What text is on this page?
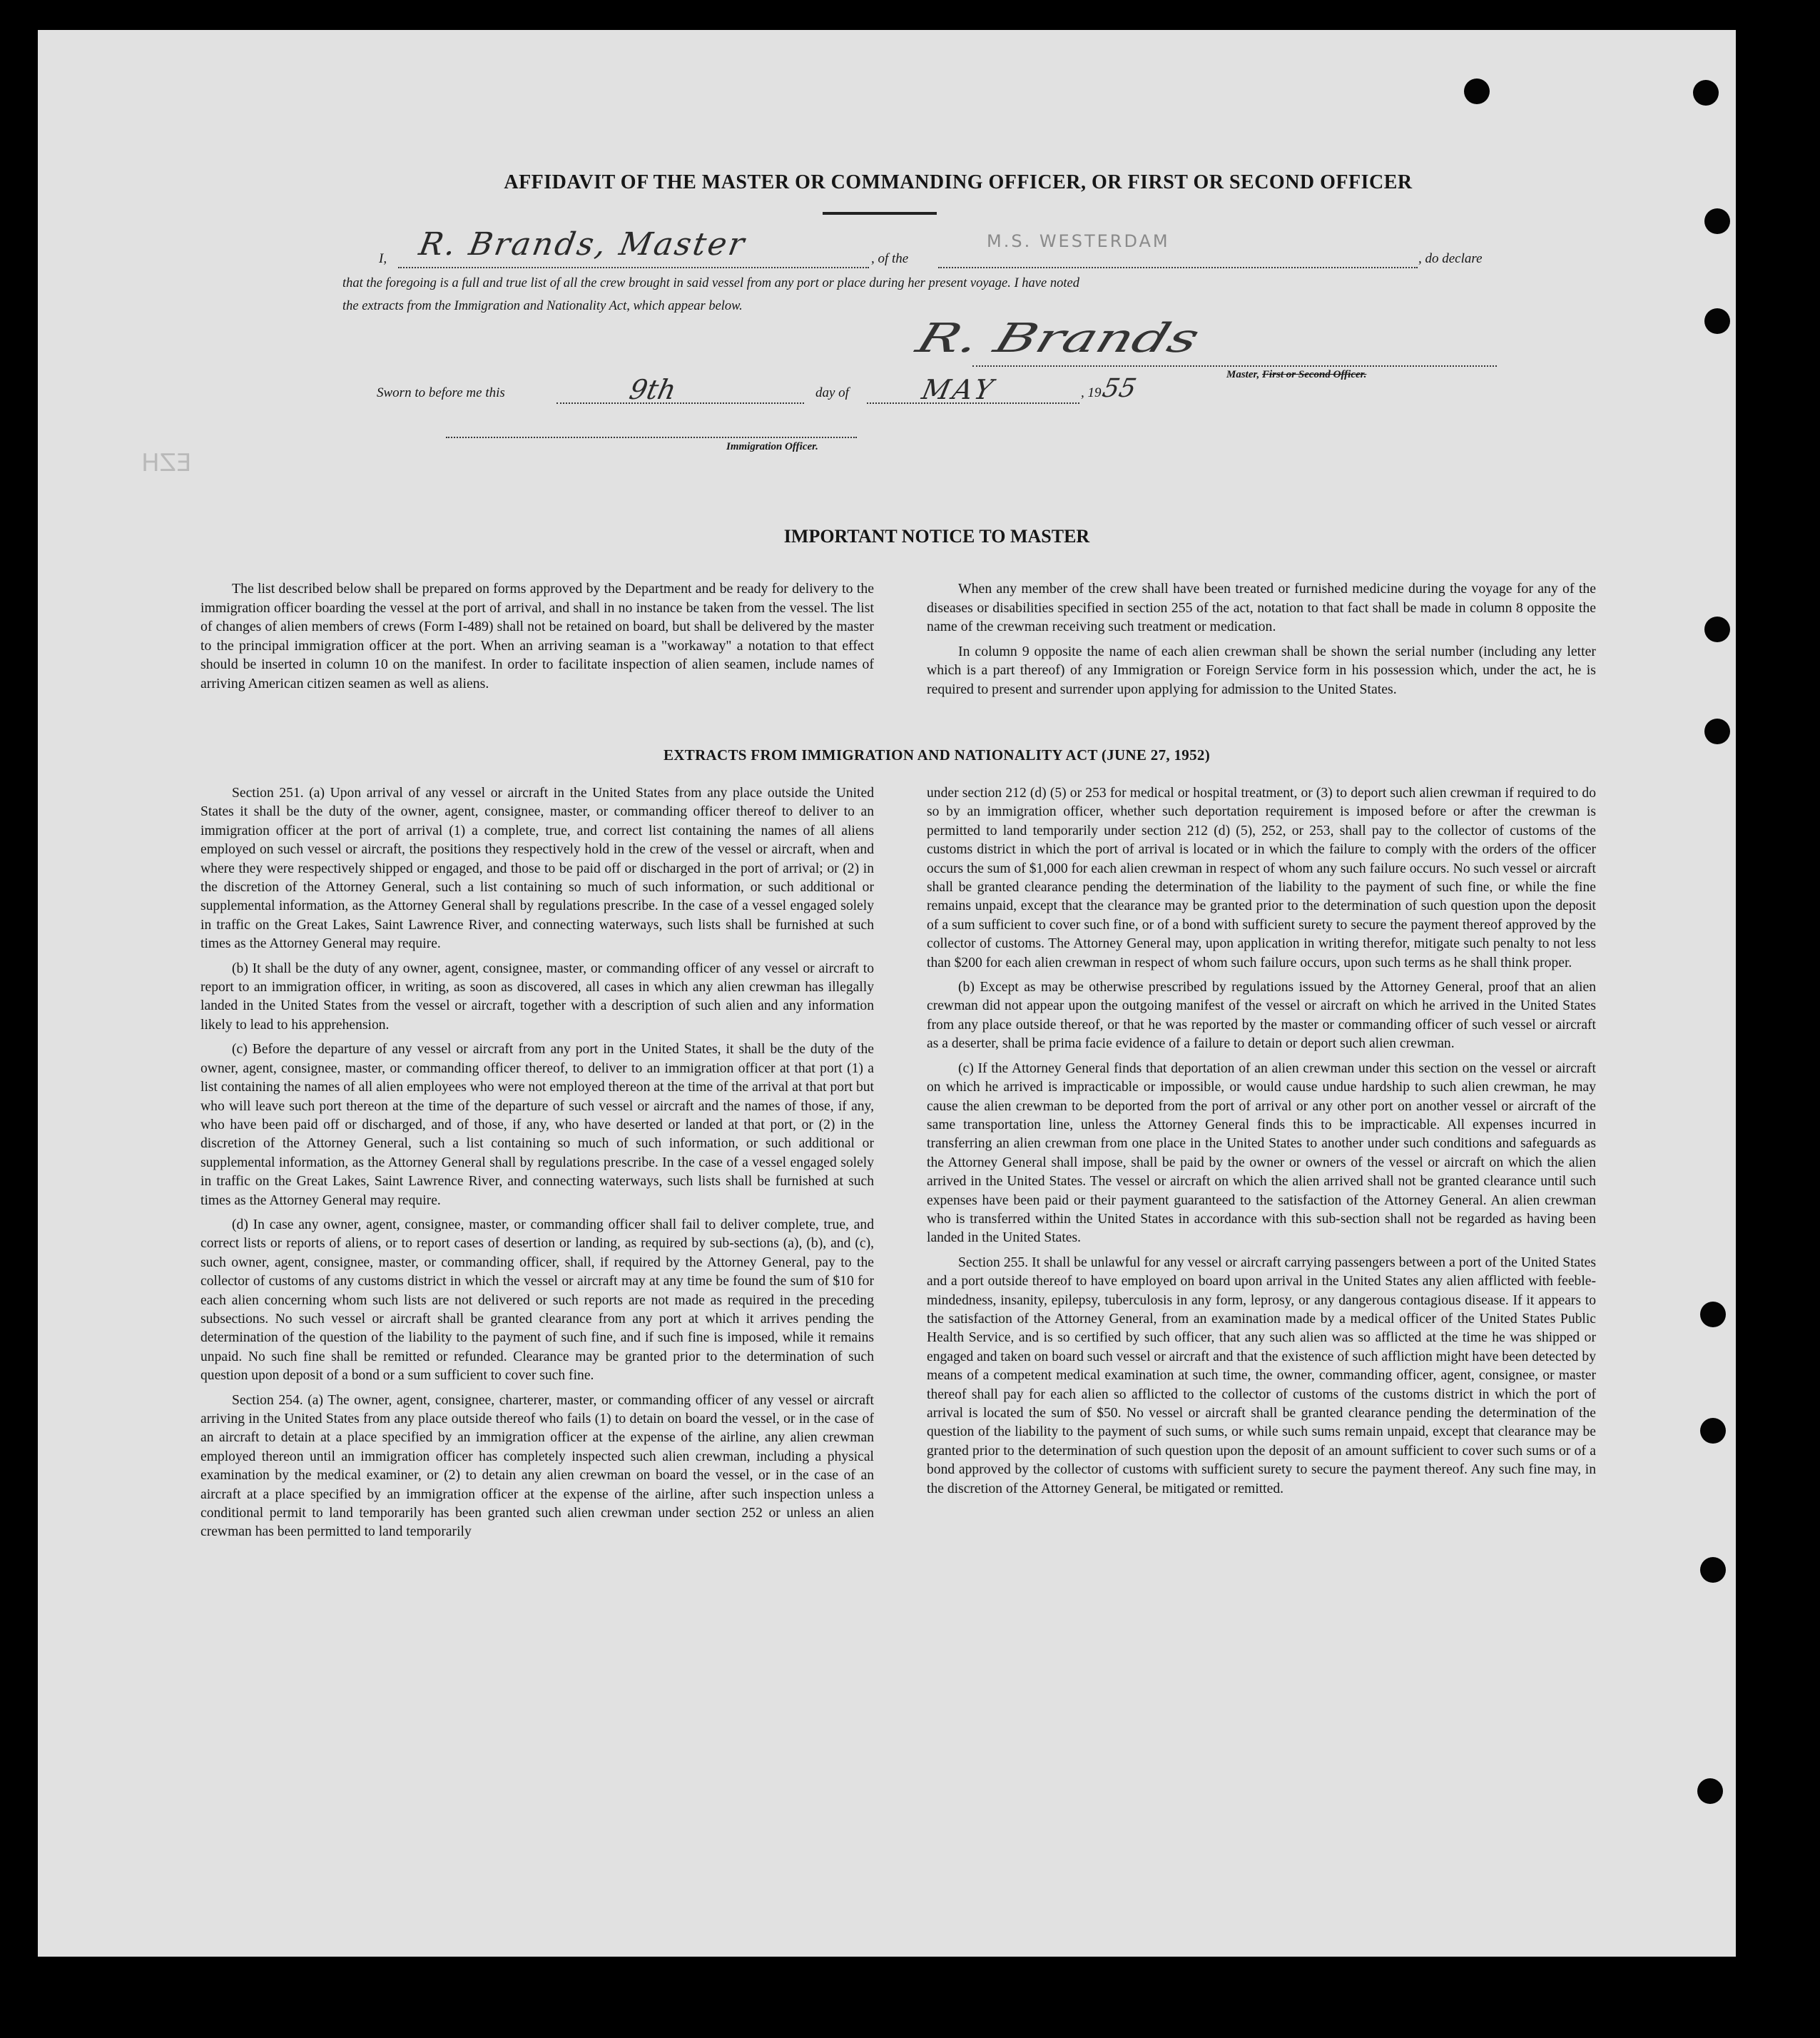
EZH
AFFIDAVIT OF THE MASTER OR COMMANDING OFFICER, OR FIRST OR SECOND OFFICER
I, R. Brands, Master	, of the
M.S. WESTERDAM
, do declare
that the foregoing is a full and true list of all the crew brought in said vessel from any port or place during her present voyage. I have noted
the extracts from the Immigration and Nationality Act, which appear below.
R. Brands
Master, First or Second Officer.
Sworn to before me this	9th	day of	MAY	, 19
55
Immigration Officer.
IMPORTANT NOTICE TO MASTER

The list described below shall be prepared on forms approved by the Department and be ready for delivery to the immigration officer boarding the vessel at the port of arrival, and shall in no instance be taken from the vessel. The list of changes of alien members of crews (Form I-489) shall not be retained on board, but shall be delivered by the master to the principal immigration officer at the port. When an arriving seaman is a "workaway" a notation to that effect should be inserted in column 10 on the manifest. In order to facilitate inspection of alien seamen, include names of arriving American citizen seamen as well as aliens.

When any member of the crew shall have been treated or furnished medicine during the voyage for any of the diseases or disabilities specified in section 255 of the act, notation to that fact shall be made in column 8 opposite the name of the crewman receiving such treatment or medication.

In column 9 opposite the name of each alien crewman shall be shown the serial number (including any letter which is a part thereof) of any Immigration or Foreign Service form in his possession which, under the act, he is required to present and surrender upon applying for admission to the United States.

EXTRACTS FROM IMMIGRATION AND NATIONALITY ACT (JUNE 27, 1952)

Section 251. (a) Upon arrival of any vessel or aircraft in the United States from any place outside the United States it shall be the duty of the owner, agent, consignee, master, or commanding officer thereof to deliver to an immigration officer at the port of arrival (1) a complete, true, and correct list containing the names of all aliens employed on such vessel or aircraft, the positions they respectively hold in the crew of the vessel or aircraft, when and where they were respectively shipped or engaged, and those to be paid off or discharged in the port of arrival; or (2) in the discretion of the Attorney General, such a list containing so much of such information, or such additional or supplemental information, as the Attorney General shall by regulations prescribe. In the case of a vessel engaged solely in traffic on the Great Lakes, Saint Lawrence River, and connecting waterways, such lists shall be furnished at such times as the Attorney General may require.

(b) It shall be the duty of any owner, agent, consignee, master, or commanding officer of any vessel or aircraft to report to an immigration officer, in writing, as soon as discovered, all cases in which any alien crewman has illegally landed in the United States from the vessel or aircraft, together with a description of such alien and any information likely to lead to his apprehension.

(c) Before the departure of any vessel or aircraft from any port in the United States, it shall be the duty of the owner, agent, consignee, master, or commanding officer thereof, to deliver to an immigration officer at that port (1) a list containing the names of all alien employees who were not employed thereon at the time of the arrival at that port but who will leave such port thereon at the time of the departure of such vessel or aircraft and the names of those, if any, who have been paid off or discharged, and of those, if any, who have deserted or landed at that port, or (2) in the discretion of the Attorney General, such a list containing so much of such information, or such additional or supplemental information, as the Attorney General shall by regulations prescribe. In the case of a vessel engaged solely in traffic on the Great Lakes, Saint Lawrence River, and connecting waterways, such lists shall be furnished at such times as the Attorney General may require.

(d) In case any owner, agent, consignee, master, or commanding officer shall fail to deliver complete, true, and correct lists or reports of aliens, or to report cases of desertion or landing, as required by sub-sections (a), (b), and (c), such owner, agent, consignee, master, or commanding officer, shall, if required by the Attorney General, pay to the collector of customs of any customs district in which the vessel or aircraft may at any time be found the sum of $10 for each alien concerning whom such lists are not delivered or such reports are not made as required in the preceding subsections. No such vessel or aircraft shall be granted clearance from any port at which it arrives pending the determination of the question of the liability to the payment of such fine, and if such fine is imposed, while it remains unpaid. No such fine shall be remitted or refunded. Clearance may be granted prior to the determination of such question upon deposit of a bond or a sum sufficient to cover such fine.

Section 254. (a) The owner, agent, consignee, charterer, master, or commanding officer of any vessel or aircraft arriving in the United States from any place outside thereof who fails (1) to detain on board the vessel, or in the case of an aircraft to detain at a place specified by an immigration officer at the expense of the airline, any alien crewman employed thereon until an immigration officer has completely inspected such alien crewman, including a physical examination by the medical examiner, or (2) to detain any alien crewman on board the vessel, or in the case of an aircraft at a place specified by an immigration officer at the expense of the airline, after such inspection unless a conditional permit to land temporarily has been granted such alien crewman under section 252 or unless an alien crewman has been permitted to land temporarily

under section 212 (d) (5) or 253 for medical or hospital treatment, or (3) to deport such alien crewman if required to do so by an immigration officer, whether such deportation requirement is imposed before or after the crewman is permitted to land temporarily under section 212 (d) (5), 252, or 253, shall pay to the collector of customs of the customs district in which the port of arrival is located or in which the failure to comply with the orders of the officer occurs the sum of $1,000 for each alien crewman in respect of whom any such failure occurs. No such vessel or aircraft shall be granted clearance pending the determination of the liability to the payment of such fine, or while the fine remains unpaid, except that the clearance may be granted prior to the determination of such question upon the deposit of a sum sufficient to cover such fine, or of a bond with sufficient surety to secure the payment thereof approved by the collector of customs. The Attorney General may, upon application in writing therefor, mitigate such penalty to not less than $200 for each alien crewman in respect of whom such failure occurs, upon such terms as he shall think proper.

(b) Except as may be otherwise prescribed by regulations issued by the Attorney General, proof that an alien crewman did not appear upon the outgoing manifest of the vessel or aircraft on which he arrived in the United States from any place outside thereof, or that he was reported by the master or commanding officer of such vessel or aircraft as a deserter, shall be prima facie evidence of a failure to detain or deport such alien crewman.

(c) If the Attorney General finds that deportation of an alien crewman under this section on the vessel or aircraft on which he arrived is impracticable or impossible, or would cause undue hardship to such alien crewman, he may cause the alien crewman to be deported from the port of arrival or any other port on another vessel or aircraft of the same transportation line, unless the Attorney General finds this to be impracticable. All expenses incurred in transferring an alien crewman from one place in the United States to another under such conditions and safeguards as the Attorney General shall impose, shall be paid by the owner or owners of the vessel or aircraft on which the alien arrived in the United States. The vessel or aircraft on which the alien arrived shall not be granted clearance until such expenses have been paid or their payment guaranteed to the satisfaction of the Attorney General. An alien crewman who is transferred within the United States in accordance with this sub-section shall not be regarded as having been landed in the United States.

Section 255. It shall be unlawful for any vessel or aircraft carrying passengers between a port of the United States and a port outside thereof to have employed on board upon arrival in the United States any alien afflicted with feeble-mindedness, insanity, epilepsy, tuberculosis in any form, leprosy, or any dangerous contagious disease. If it appears to the satisfaction of the Attorney General, from an examination made by a medical officer of the United States Public Health Service, and is so certified by such officer, that any such alien was so afflicted at the time he was shipped or engaged and taken on board such vessel or aircraft and that the existence of such affliction might have been detected by means of a competent medical examination at such time, the owner, commanding officer, agent, consignee, or master thereof shall pay for each alien so afflicted to the collector of customs of the customs district in which the port of arrival is located the sum of $50. No vessel or aircraft shall be granted clearance pending the determination of the question of the liability to the payment of such sums, or while such sums remain unpaid, except that clearance may be granted prior to the determination of such question upon the deposit of an amount sufficient to cover such sums or of a bond approved by the collector of customs with sufficient surety to secure the payment thereof. Any such fine may, in the discretion of the Attorney General, be mitigated or remitted.
